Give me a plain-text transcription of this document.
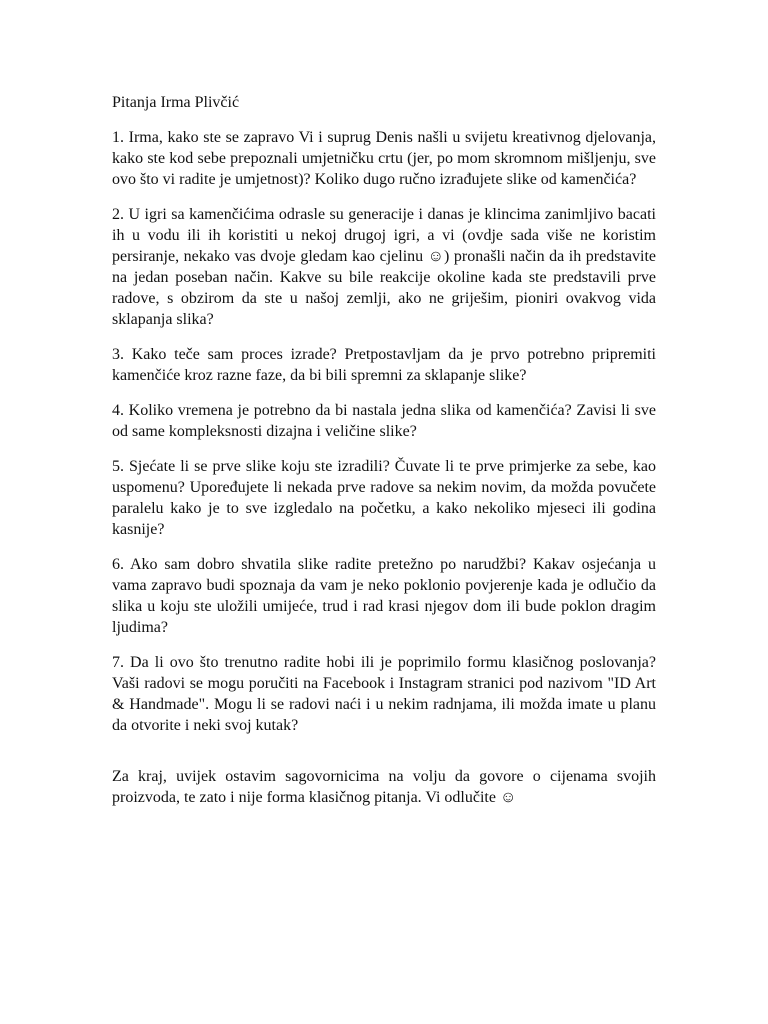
Pitanja Irma Plivčić

1. Irma, kako ste se zapravo Vi i suprug Denis našli u svijetu kreativnog djelovanja, kako ste kod sebe prepoznali umjetničku crtu (jer, po mom skromnom mišljenju, sve ovo što vi radite je umjetnost)? Koliko dugo ručno izrađujete slike od kamenčića?

2. U igri sa kamenčićima odrasle su generacije i danas je klincima zanimljivo bacati ih u vodu ili ih koristiti u nekoj drugoj igri, a vi (ovdje sada više ne koristim persiranje, nekako vas dvoje gledam kao cjelinu ☺) pronašli način da ih predstavite na jedan poseban način. Kakve su bile reakcije okoline kada ste predstavili prve radove, s obzirom da ste u našoj zemlji, ako ne griješim, pioniri ovakvog vida sklapanja slika?

3. Kako teče sam proces izrade? Pretpostavljam da je prvo potrebno pripremiti kamenčiće kroz razne faze, da bi bili spremni za sklapanje slike?

4. Koliko vremena je potrebno da bi nastala jedna slika od kamenčića? Zavisi li sve od same kompleksnosti dizajna i veličine slike?

5. Sjećate li se prve slike koju ste izradili? Čuvate li te prve primjerke za sebe, kao uspomenu? Upoređujete li nekada prve radove sa nekim novim, da možda povučete paralelu kako je to sve izgledalo na početku, a kako nekoliko mjeseci ili godina kasnije?

6. Ako sam dobro shvatila slike radite pretežno po narudžbi? Kakav osjećanja u vama zapravo budi spoznaja da vam je neko poklonio povjerenje kada je odlučio da slika u koju ste uložili umijeće, trud i rad krasi njegov dom ili bude poklon dragim ljudima?

7. Da li ovo što trenutno radite hobi ili je poprimilo formu klasičnog poslovanja? Vaši radovi se mogu poručiti na Facebook i Instagram stranici pod nazivom "ID Art & Handmade". Mogu li se radovi naći i u nekim radnjama, ili možda imate u planu da otvorite i neki svoj kutak?

Za kraj, uvijek ostavim sagovornicima na volju da govore o cijenama svojih proizvoda, te zato i nije forma klasičnog pitanja. Vi odlučite ☺
